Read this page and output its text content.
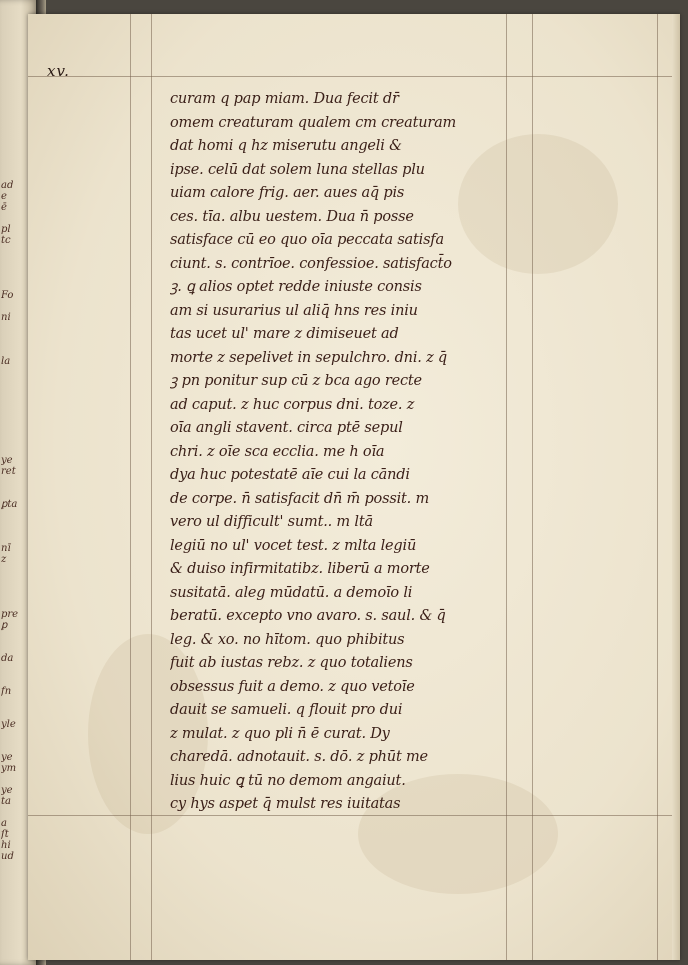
ad
e
ē
pl
tc
Fo
ni
la
ye
ret
ꝑta
nī
z
pre
ꝑ
da
fn
yle
ye
ym
ye
ta
a
ſt
hi
ud
xv.
curam q pap miam. Dua fecit dr̄
omem creaturam qualem cm creaturam
dat homi q hz miserutu angeli &
ipse. celū dat solem luna stellas plu
uiam calore frig. aer. aues aq̄ pis
ces. tīa. albu uestem. Dua n̄ posse
satisface cū eo quo oīa peccata satisfa
ciunt. s. contrīoe. confessioe. satisfact̄o
ꝫ. ꝗ alios optet redde iniuste consis
am si usurarius ul aliq̄ hns res iniu
tas ucet ul' mare z dimiseuet ad
morte z sepelivet in sepulchro. dni. z q̄
ꝫ pn ponitur sup cū z bca ago recte
ad caput. z huc corpus dni. toze. z
oīa angli stavent. circa ptē sepul
chri. z oīe sca ecclia. me h oīa
dya huc potestatē aīe cui la cāndi
de corpe. n̄ satisfacit dn̄ m̄ possit. m
vero ul difficult' sumt.. m ltā
legiū no ul' vocet test. z mlta legiū
& duiso infirmitatibz. liberū a morte
susitatā. aleg mūdatū. a demoīo li
beratū. excepto vno avaro. s. saul. & q̄
leg. & xo. no hītom. quo phibitus
fuit ab iustas rebz. z quo totaliens
obsessus fuit a demo. z quo vetoīe
dauit se samueli. q flouit pro dui
z mulat. z quo pli n̄ ē curat. Dy
charedā. adnotauit. s. dō. z phūt me
lius huic ꝗ tū no demom angaiut.
cy hys aspet q̄ mulst res iuitatas
